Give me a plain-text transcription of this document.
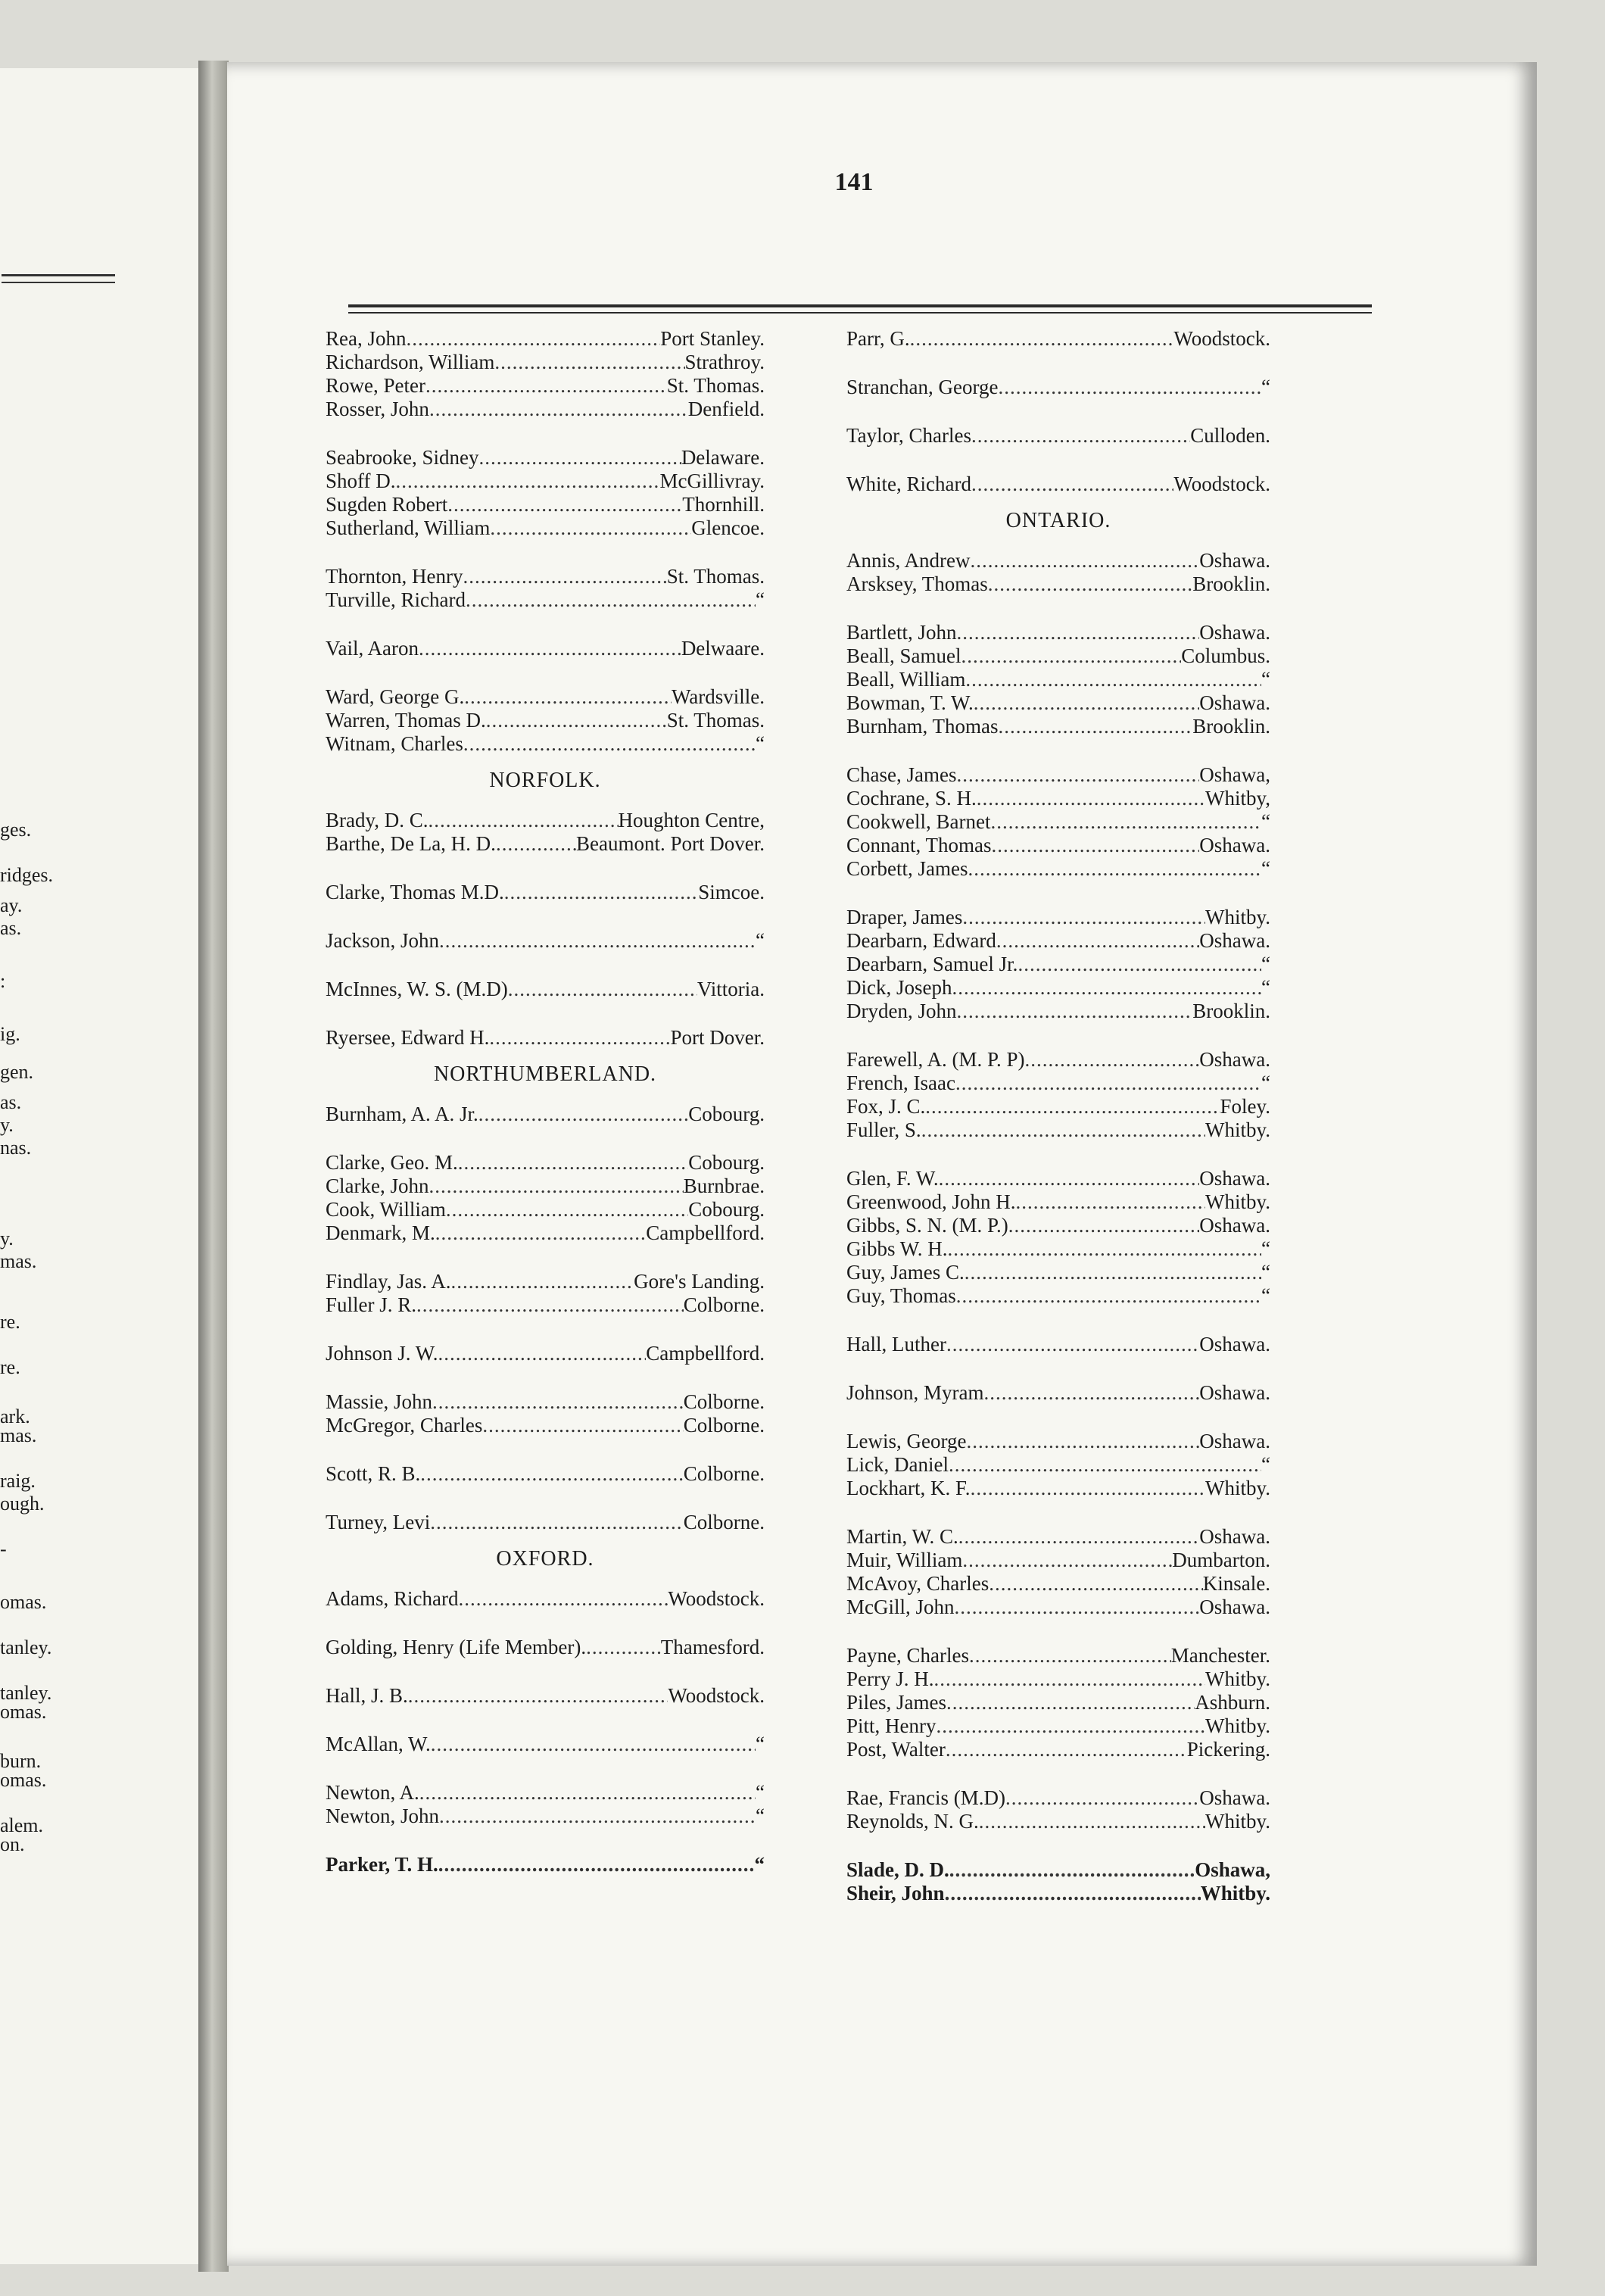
ges.
ridges.
ay.
as.
:
ig.
gen.
as.
y.
nas.
y.
mas.
re.
re.
ark.
mas.
raig.
ough.
-
omas.
tanley.
tanley.
omas.
burn.
omas.
alem.
on.
141
Rea, John .....	Port Stanley.
Richardson, William .....	Strathroy.
Rowe, Peter .....	St. Thomas.
Rosser, John .....	Denfield.
Seabrooke, Sidney .....	Delaware.
Shoff D. .....	McGillivray.
Sugden Robert .....	Thornhill.
Sutherland, William .....	Glencoe.
Thornton, Henry .....	St. Thomas.
Turville, Richard .....	“
Vail, Aaron .....	Delwaare.
Ward, George G. .....	Wardsville.
Warren, Thomas D. .....	St. Thomas.
Witnam, Charles .....	“
NORFOLK.
Brady, D. C. .....	Houghton Centre,
Barthe, De La, H. D. .....	Beaumont. Port Dover.
Clarke, Thomas M.D. .....	Simcoe.
Jackson, John .....	“
McInnes, W. S. (M.D) .....	Vittoria.
Ryersee, Edward H. .....	Port Dover.
NORTHUMBERLAND.
Burnham, A. A. Jr. .....	Cobourg.
Clarke, Geo. M. .....	Cobourg.
Clarke, John .....	Burnbrae.
Cook, William .....	Cobourg.
Denmark, M. .....	Campbellford.
Findlay, Jas. A. .....	Gore's Landing.
Fuller J. R. .....	Colborne.
Johnson J. W. .....	Campbellford.
Massie, John .....	Colborne.
McGregor, Charles .....	Colborne.
Scott, R. B. .....	Colborne.
Turney, Levi .....	Colborne.
OXFORD.
Adams, Richard .....	Woodstock.
Golding, Henry (Life Member). .....	Thamesford.
Hall, J. B. .....	Woodstock.
McAllan, W. .....	“
Newton, A. .....	“
Newton, John .....	“
Parker, T. H. .....	“
Parr, G. .....	Woodstock.
Stranchan, George .....	“
Taylor, Charles .....	Culloden.
White, Richard .....	Woodstock.
ONTARIO.
Annis, Andrew .....	Oshawa.
Arsksey, Thomas .....	Brooklin.
Bartlett, John .....	Oshawa.
Beall, Samuel .....	Columbus.
Beall, William .....	“
Bowman, T. W. .....	Oshawa.
Burnham, Thomas .....	Brooklin.
Chase, James .....	Oshawa,
Cochrane, S. H. .....	Whitby,
Cookwell, Barnet .....	“
Connant, Thomas .....	Oshawa.
Corbett, James .....	“
Draper, James .....	Whitby.
Dearbarn, Edward .....	Oshawa.
Dearbarn, Samuel Jr. .....	“
Dick, Joseph .....	“
Dryden, John .....	Brooklin.
Farewell, A. (M. P. P) .....	Oshawa.
French, Isaac .....	“
Fox, J. C. .....	Foley.
Fuller, S. .....	Whitby.
Glen, F. W. .....	Oshawa.
Greenwood, John H. .....	Whitby.
Gibbs, S. N. (M. P.) .....	Oshawa.
Gibbs W. H. .....	“
Guy, James C. .....	“
Guy, Thomas .....	“
Hall, Luther .....	Oshawa.
Johnson, Myram .....	Oshawa.
Lewis, George .....	Oshawa.
Lick, Daniel .....	“
Lockhart, K. F. .....	Whitby.
Martin, W. C. .....	Oshawa.
Muir, William .....	Dumbarton.
McAvoy, Charles .....	Kinsale.
McGill, John .....	Oshawa.
Payne, Charles .....	Manchester.
Perry J. H. .....	Whitby.
Piles, James .....	Ashburn.
Pitt, Henry .....	Whitby.
Post, Walter .....	Pickering.
Rae, Francis (M.D) .....	Oshawa.
Reynolds, N. G. .....	Whitby.
Slade, D. D. .....	Oshawa,
Sheir, John .....	Whitby.
